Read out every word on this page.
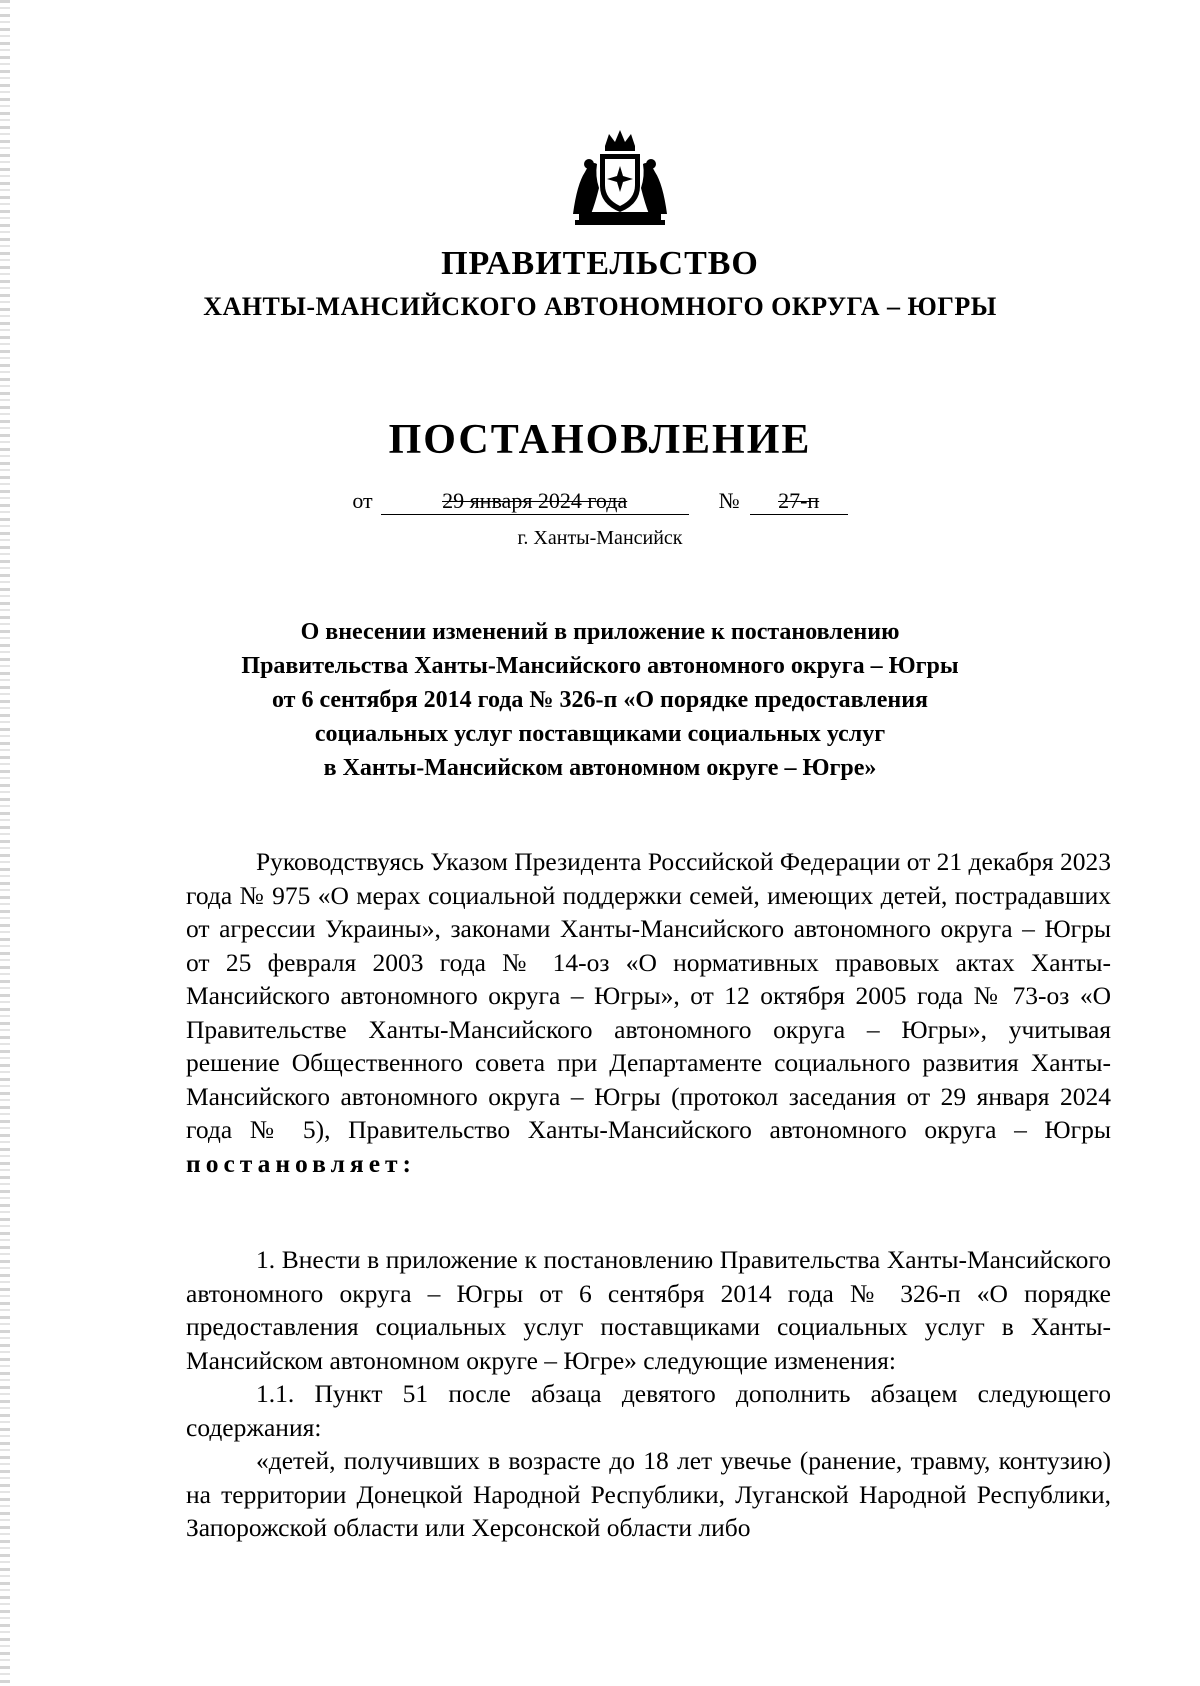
ПРАВИТЕЛЬСТВО
ХАНТЫ-МАНСИЙСКОГО АВТОНОМНОГО ОКРУГА – ЮГРЫ
ПОСТАНОВЛЕНИЕ
от	29 января 2024 года	№ 27-п
г. Ханты-Мансийск
О внесении изменений в приложение к постановлению
Правительства Ханты-Мансийского автономного округа – Югры
от 6 сентября 2014 года № 326-п «О порядке предоставления
социальных услуг поставщиками социальных услуг
в Ханты-Мансийском автономном округе – Югре»

Руководствуясь Указом Президента Российской Федерации от 21 декабря 2023 года № 975 «О мерах социальной поддержки семей, имеющих детей, пострадавших от агрессии Украины», законами Ханты-Мансийского автономного округа – Югры от 25 февраля 2003 года № 14-оз «О нормативных правовых актах Ханты-Мансийского автономного округа – Югры», от 12 октября 2005 года № 73-оз «О Правительстве Ханты-Мансийского автономного округа – Югры», учитывая решение Общественного совета при Департаменте социального развития Ханты-Мансийского автономного округа – Югры (протокол заседания от 29 января 2024 года № 5), Правительство Ханты-Мансийского автономного округа – Югры постановляет:

1. Внести в приложение к постановлению Правительства Ханты-Мансийского автономного округа – Югры от 6 сентября 2014 года № 326-п «О порядке предоставления социальных услуг поставщиками социальных услуг в Ханты-Мансийском автономном округе – Югре» следующие изменения:

1.1. Пункт 51 после абзаца девятого дополнить абзацем следующего содержания:

«детей, получивших в возрасте до 18 лет увечье (ранение, травму, контузию) на территории Донецкой Народной Республики, Луганской Народной Республики, Запорожской области или Херсонской области либо
